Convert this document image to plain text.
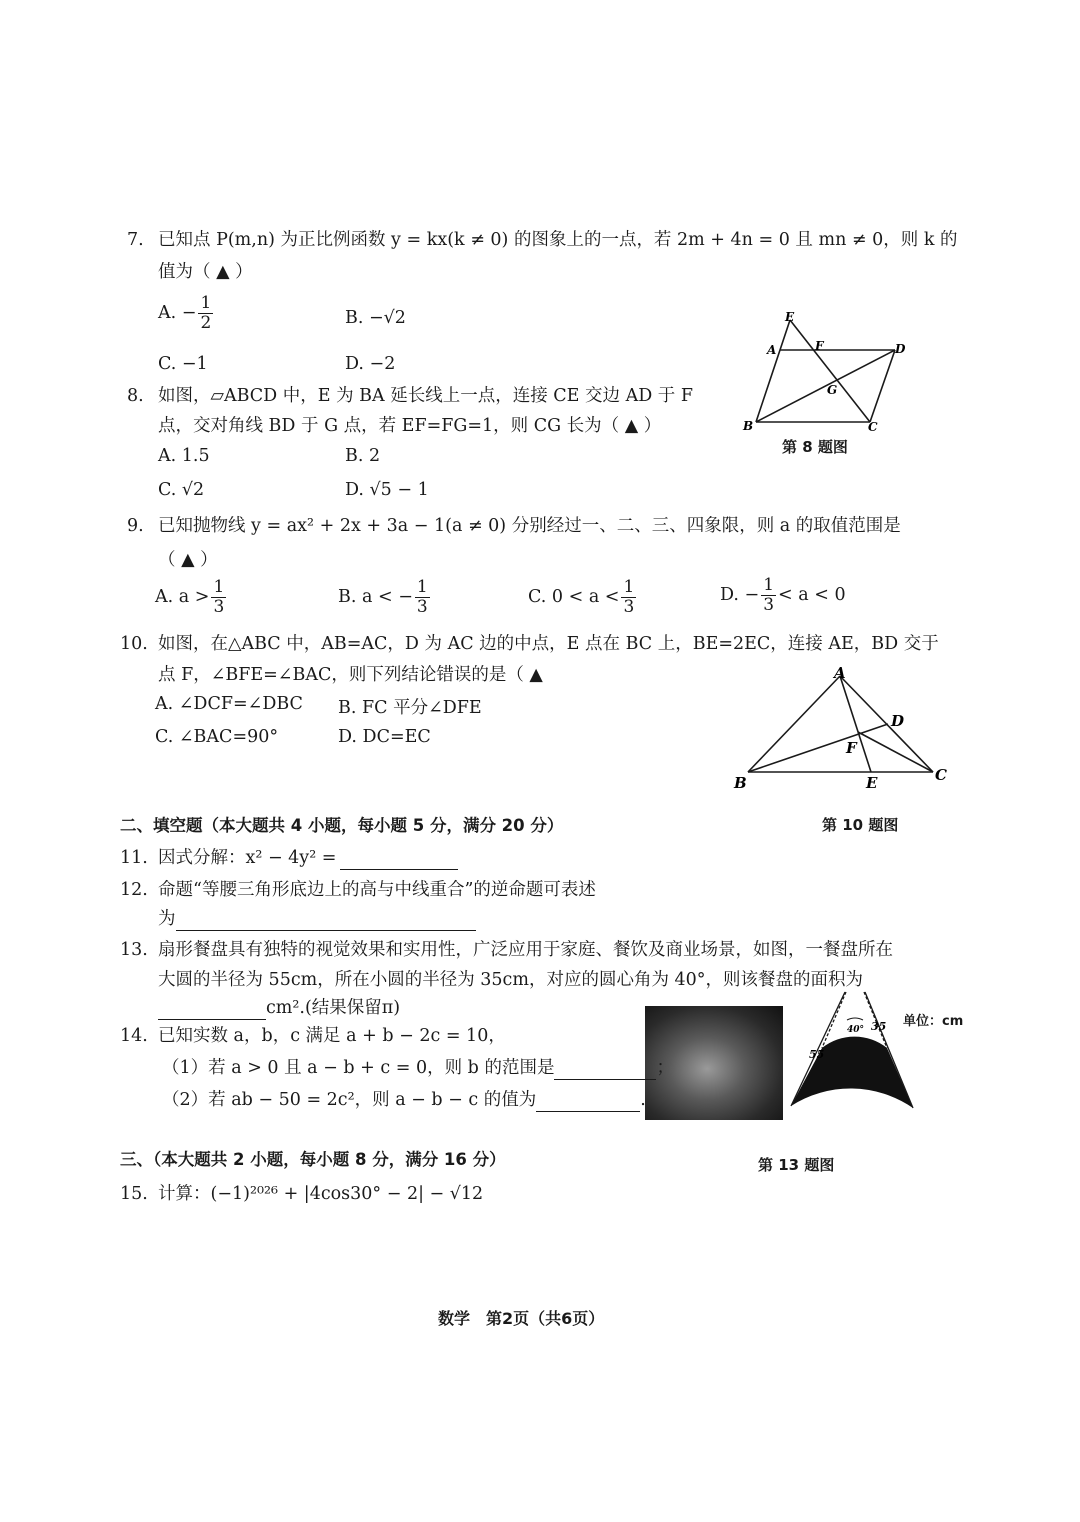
7. 已知点 P(m,n) 为正比例函数 y = kx(k ≠ 0) 的图象上的一点，若 2m + 4n = 0 且 mn ≠ 0，则 k 的
值为（ ▲ ）
A. − $\frac{1}{2}$	B. −√2
C. −1	D. −2
8. 如图，▱ABCD 中，E 为 BA 延长线上一点，连接 CE 交边 AD 于 F
点，交对角线 BD 于 G 点，若 EF=FG=1，则 CG 长为（ ▲ ）
A. 1.5	B. 2
C. √2	D. √5 − 1
E
A	F	D
G
B	C
第 8 题图
9. 已知抛物线 y = ax² + 2x + 3a − 1(a ≠ 0) 分别经过一、二、三、四象限，则 a 的取值范围是
（ ▲ ）
A. $a > \frac{1}{3}$	B. a < − $\frac{1}{3}$	C. $0 < a < \frac{1}{3}$	D. − $\frac{1}{3} < a < 0$
10. 如图，在△ABC 中，AB=AC，D 为 AC 边的中点，E 点在 BC 上，BE=2EC，连接 AE，BD 交于
点 F，∠BFE=∠BAC，则下列结论错误的是（ ▲
A. ∠DCF=∠DBC B. FC 平分∠DFE
C. ∠BAC=90°	D. DC=EC
A
D
F
B	E	C
第 10 题图
二、填空题（本大题共 4 小题，每小题 5 分，满分 20 分）
11. 因式分解：x² − 4y² =
12. 命题“等腰三角形底边上的高与中线重合”的逆命题可表述
为
13. 扇形餐盘具有独特的视觉效果和实用性，广泛应用于家庭、餐饮及商业场景，如图，一餐盘所在
大圆的半径为 55cm，所在小圆的半径为 35cm，对应的圆心角为 40°，则该餐盘的面积为
cm².(结果保留π)
40° 35
55
单位：cm
第 13 题图
14. 已知实数 a，b，c 满足 a + b − 2c = 10，
（1）若 a > 0 且 a − b + c = 0，则 b 的范围是	；
（2）若 ab − 50 = 2c²，则 a − b − c 的值为	.
三、（本大题共 2 小题，每小题 8 分，满分 16 分）
15. 计算：(−1)²⁰²⁶ + |4cos30° − 2| − √12
数学　第2页（共6页）
